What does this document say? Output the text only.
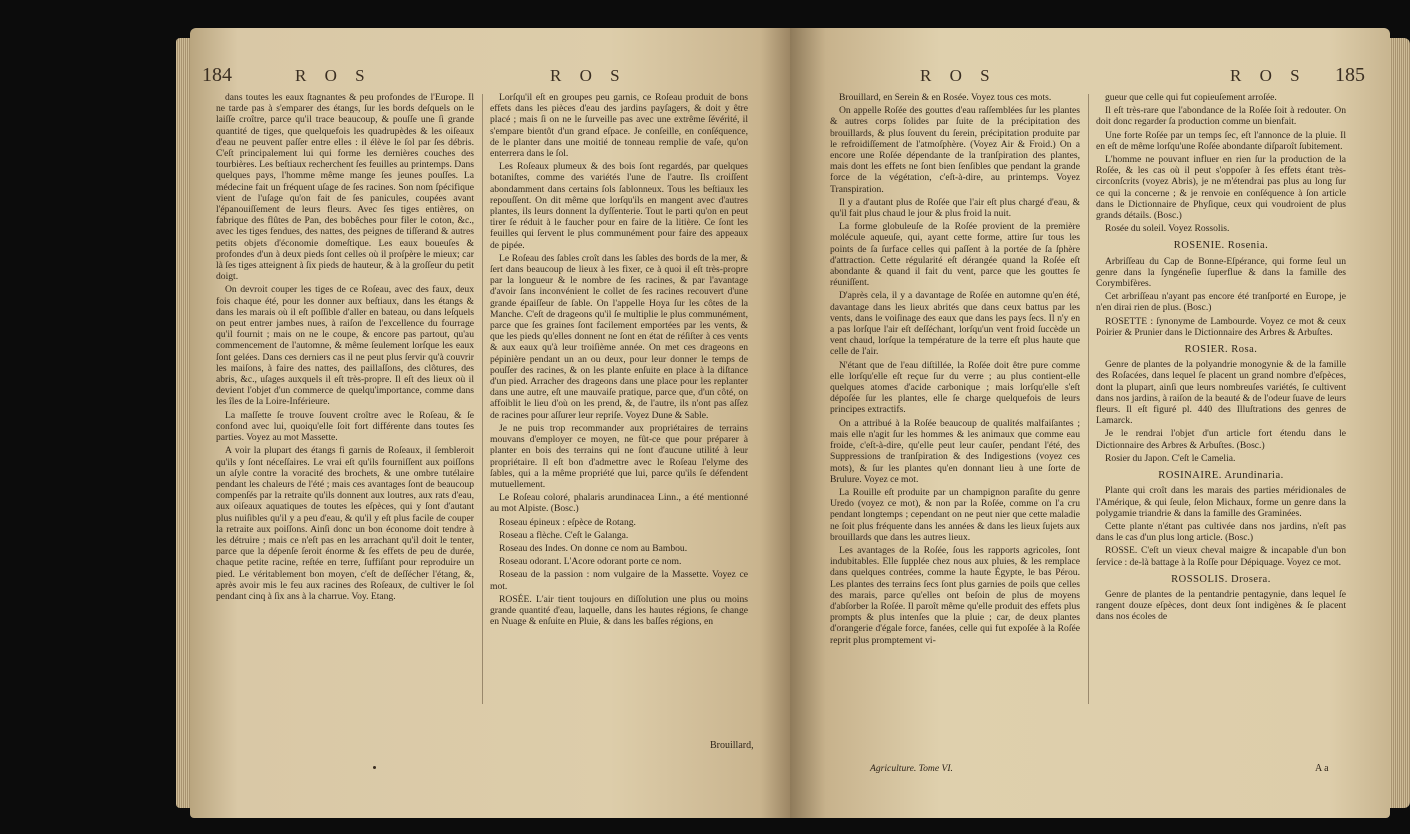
184	R O S	R O S

dans toutes les eaux ſtagnantes & peu profondes de l'Europe. Il ne tarde pas à s'emparer des étangs, ſur les bords deſquels on le laiſſe croître, parce qu'il trace beaucoup, & pouſſe une ſi grande quantité de tiges, que quelquefois les quadrupèdes & les oiſeaux d'eau ne peuvent paſſer entre elles : il élève le ſol par ſes débris. C'eſt principalement lui qui forme les dernières couches des tourbières. Les beſtiaux recherchent ſes feuilles au printemps. Dans quelques pays, l'homme même mange ſes jeunes pouſſes. La médecine fait un fréquent uſage de ſes racines. Son nom ſpécifique vient de l'uſage qu'on fait de ſes panicules, coupées avant l'épanouiſſement de leurs fleurs. Avec ſes tiges entières, on fabrique des flûtes de Pan, des bobêches pour filer le coton, &c., avec les tiges fendues, des nattes, des peignes de tiſſerand & autres petits objets d'économie domeſtique. Les eaux boueuſes & profondes d'un à deux pieds ſont celles où il proſpère le mieux; car là ſes tiges atteignent à ſix pieds de hauteur, & à la groſſeur du petit doigt.

On devroit couper les tiges de ce Roſeau, avec des faux, deux fois chaque été, pour les donner aux beſtiaux, dans les étangs & dans les marais où il eſt poſſible d'aller en bateau, ou dans leſquels on peut entrer jambes nues, à raiſon de l'excellence du fourrage qu'il fournit ; mais on ne le coupe, & encore pas partout, qu'au commencement de l'automne, & même ſeulement lorſque les eaux ſont gelées. Dans ces derniers cas il ne peut plus ſervir qu'à couvrir les maiſons, à faire des nattes, des paillaſſons, des clôtures, des abris, &c., uſages auxquels il eſt très-propre. Il eſt des lieux où il devient l'objet d'un commerce de quelqu'importance, comme dans les îles de la Loire-Inférieure.

La maſſette ſe trouve ſouvent croître avec le Roſeau, & ſe confond avec lui, quoiqu'elle ſoit fort différente dans toutes ſes parties. Voyez au mot Massette.

A voir la plupart des étangs fi garnis de Roſeaux, il ſembleroit qu'ils y ſont néceſſaires. Le vrai eſt qu'ils fourniſſent aux poiſſons un aſyle contre la voracité des brochets, & une ombre tutélaire pendant les chaleurs de l'été ; mais ces avantages ſont de beaucoup compenſés par la retraite qu'ils donnent aux loutres, aux rats d'eau, aux oiſeaux aquatiques de toutes les eſpèces, qui y ſont d'autant plus nuiſibles qu'il y a peu d'eau, & qu'il y eſt plus facile de couper la retraite aux poiſſons. Ainſi donc un bon économe doit tendre à les détruire ; mais ce n'eſt pas en les arrachant qu'il doit le tenter, parce que la dépenſe ſeroit énorme & ſes effets de peu de durée, chaque petite racine, reſtée en terre, ſuffiſant pour reproduire un pied. Le véritablement bon moyen, c'eſt de deſſécher l'étang, &, après avoir mis le feu aux racines des Roſeaux, de cultiver le ſol pendant cinq à ſix ans à la charrue. Voy. Etang.

Lorſqu'il eſt en groupes peu garnis, ce Roſeau produit de bons effets dans les pièces d'eau des jardins payſagers, & doit y être placé ; mais ſi on ne le ſurveille pas avec une extrême ſévérité, il s'empare bientôt d'un grand eſpace. Je conſeille, en conſéquence, de le planter dans une moitié de tonneau remplie de vaſe, qu'on enterrera dans le ſol.

Les Roſeaux plumeux & des bois ſont regardés, par quelques botaniſtes, comme des variétés l'une de l'autre. Ils croiſſent abondamment dans certains ſols ſablonneux. Tous les beſtiaux les repouſſent. On dit même que lorſqu'ils en mangent avec d'autres plantes, ils leurs donnent la dyſſenterie. Tout le parti qu'on en peut tirer ſe réduit à le faucher pour en faire de la litière. Ce ſont les feuilles qui ſervent le plus communément pour faire des appeaux de pipée.

Le Roſeau des ſables croît dans les ſables des bords de la mer, & ſert dans beaucoup de lieux à les fixer, ce à quoi il eſt très-propre par la longueur & le nombre de ſes racines, & par l'avantage d'avoir ſans inconvénient le collet de ſes racines recouvert d'une grande épaiſſeur de ſable. On l'appelle Hoya ſur les côtes de la Manche. C'eſt de drageons qu'il ſe multiplie le plus communément, parce que ſes graines ſont facilement emportées par les vents, & que les pieds qu'elles donnent ne ſont en état de réſiſter à ces vents & aux eaux qu'à leur troiſième année. On met ces drageons en pépinière pendant un an ou deux, pour leur donner le temps de pouſſer des racines, & on les plante enſuite en place à la diſtance d'un pied. Arracher des drageons dans une place pour les replanter dans une autre, eſt une mauvaiſe pratique, parce que, d'un côté, on affoiblit le lieu d'où on les prend, &, de l'autre, ils n'ont pas aſſez de racines pour aſſurer leur repriſe. Voyez Dune & Sable.

Je ne puis trop recommander aux propriétaires de terrains mouvans d'employer ce moyen, ne fût-ce que pour préparer à planter en bois des terrains qui ne ſont d'aucune utilité à leur propriétaire. Il eſt bon d'admettre avec le Roſeau l'elyme des ſables, qui a la même propriété que lui, parce qu'ils ſe défendent mutuellement.

Le Roſeau coloré, phalaris arundinacea Linn., a été mentionné au mot Alpiste. (Bosc.)

Roseau épineux : eſpèce de Rotang.

Roseau a flèche. C'eſt le Galanga.

Roseau des Indes. On donne ce nom au Bambou.

Roseau odorant. L'Acore odorant porte ce nom.

Roseau de la passion : nom vulgaire de la Massette. Voyez ce mot.

ROSÉE. L'air tient toujours en diſſolution une plus ou moins grande quantité d'eau, laquelle, dans les hautes régions, ſe change en Nuage & enſuite en Pluie, & dans les baſſes régions, en

Brouillard,
R O S	R O S 185

Brouillard, en Serein & en Rosée. Voyez tous ces mots.

On appelle Roſée des gouttes d'eau raſſemblées ſur les plantes & autres corps ſolides par ſuite de la précipitation des brouillards, & plus ſouvent du ſerein, précipitation produite par le refroidiſſement de l'atmoſphère. (Voyez Air & Froid.) On a encore une Roſée dépendante de la tranſpiration des plantes, mais dont les effets ne ſont bien ſenſibles que pendant la grande force de la végétation, c'eſt-à-dire, au printemps. Voyez Transpiration.

Il y a d'autant plus de Roſée que l'air eſt plus chargé d'eau, & qu'il fait plus chaud le jour & plus froid la nuit.

La forme globuleuſe de la Roſée provient de la première molécule aqueuſe, qui, ayant cette forme, attire ſur tous les points de ſa ſurface celles qui paſſent à la portée de ſa ſphère d'attraction. Cette régularité eſt dérangée quand la Roſée eſt abondante & quand il fait du vent, parce que les gouttes ſe réuniſſent.

D'après cela, il y a davantage de Roſée en automne qu'en été, davantage dans les lieux abrités que dans ceux battus par les vents, dans le voiſinage des eaux que dans les pays ſecs. Il n'y en a pas lorſque l'air eſt deſſéchant, lorſqu'un vent froid ſuccède un vent chaud, lorſque la température de la terre eſt plus haute que celle de l'air.

N'étant que de l'eau diſtillée, la Roſée doit être pure comme elle lorſqu'elle eſt reçue ſur du verre ; au plus contient-elle quelques atomes d'acide carbonique ; mais lorſqu'elle s'eſt dépoſée ſur les plantes, elle ſe charge quelquefois de leurs principes extractifs.

On a attribué à la Roſée beaucoup de qualités malfaiſantes ; mais elle n'agit ſur les hommes & les animaux que comme eau froide, c'eſt-à-dire, qu'elle peut leur cauſer, pendant l'été, des Suppressions de tranſpiration & des Indigestions (voyez ces mots), & ſur les plantes qu'en donnant lieu à une ſorte de Brulure. Voyez ce mot.

La Rouille eſt produite par un champignon paraſite du genre Uredo (voyez ce mot), & non par la Roſée, comme on l'a cru pendant longtemps ; cependant on ne peut nier que cette maladie ne ſoit plus fréquente dans les années & dans les lieux ſujets aux brouillards que dans les autres lieux.

Les avantages de la Roſée, ſous les rapports agricoles, ſont indubitables. Elle ſupplée chez nous aux pluies, & les remplace dans quelques contrées, comme la haute Égypte, le bas Pérou. Les plantes des terrains ſecs ſont plus garnies de poils que celles des marais, parce qu'elles ont beſoin de plus de moyens d'abſorber la Roſée. Il paroît même qu'elle produit des effets plus prompts & plus intenſes que la pluie ; car, de deux plantes d'orangerie d'égale force, fanées, celle qui fut expoſée à la Roſée reprit plus promptement vi-

gueur que celle qui fut copieuſement arroſée.

Il eſt très-rare que l'abondance de la Roſée ſoit à redouter. On doit donc regarder ſa production comme un bienfait.

Une forte Roſée par un temps ſec, eſt l'annonce de la pluie. Il en eſt de même lorſqu'une Roſée abondante diſparoît ſubitement.

L'homme ne pouvant influer en rien ſur la production de la Roſée, & les cas où il peut s'oppoſer à ſes effets étant très-circonſcrits (voyez Abris), je ne m'étendrai pas plus au long ſur ce qui la concerne ; & je renvoie en conſéquence à ſon article dans le Dictionnaire de Phyſique, ceux qui voudroient de plus grands détails. (Bosc.)

Rosée du soleil. Voyez Rossolis.

ROSENIE. Rosenia.

Arbriſſeau du Cap de Bonne-Eſpérance, qui forme ſeul un genre dans la ſyngéneſie ſuperflue & dans la famille des Corymbifères.

Cet arbriſſeau n'ayant pas encore été tranſporté en Europe, je n'en dirai rien de plus. (Bosc.)

ROSETTE : ſynonyme de Lambourde. Voyez ce mot & ceux Poirier & Prunier dans le Dictionnaire des Arbres & Arbuſtes.

ROSIER. Rosa.

Genre de plantes de la polyandrie monogynie & de la famille des Roſacées, dans lequel ſe placent un grand nombre d'eſpèces, dont la plupart, ainſi que leurs nombreuſes variétés, ſe cultivent dans nos jardins, à raiſon de la beauté & de l'odeur ſuave de leurs fleurs. Il eſt figuré pl. 440 des Illuſtrations des genres de Lamarck.

Je le rendrai l'objet d'un article fort étendu dans le Dictionnaire des Arbres & Arbuſtes. (Bosc.)

Rosier du Japon. C'eſt le Camelia.

ROSINAIRE. Arundinaria.

Plante qui croît dans les marais des parties méridionales de l'Amérique, & qui ſeule, ſelon Michaux, forme un genre dans la polygamie triandrie & dans la famille des Graminées.

Cette plante n'étant pas cultivée dans nos jardins, n'eſt pas dans le cas d'un plus long article. (Bosc.)

ROSSE. C'eſt un vieux cheval maigre & incapable d'un bon ſervice : de-là battage à la Roſſe pour Dépiquage. Voyez ce mot.

ROSSOLIS. Drosera.

Genre de plantes de la pentandrie pentagynie, dans lequel ſe rangent douze eſpèces, dont deux ſont indigènes & ſe placent dans nos écoles de

Agriculture. Tome VI.	A a
